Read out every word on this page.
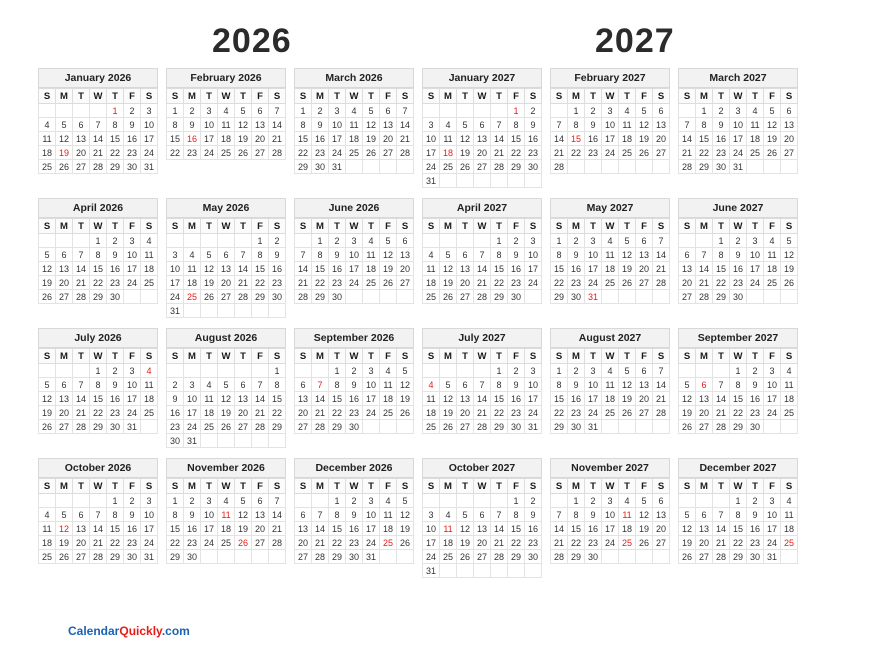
2026	2027
January 2026
S	M	T	W	T	F	S
				1	2	3
4	5	6	7	8	9	10
11	12	13	14	15	16	17
18	19	20	21	22	23	24
25	26	27	28	29	30	31
February 2026
S	M	T	W	T	F	S
1	2	3	4	5	6	7
8	9	10	11	12	13	14
15	16	17	18	19	20	21
22	23	24	25	26	27	28
March 2026
S	M	T	W	T	F	S
1	2	3	4	5	6	7
8	9	10	11	12	13	14
15	16	17	18	19	20	21
22	23	24	25	26	27	28
29	30	31				
January 2027
S	M	T	W	T	F	S
					1	2
3	4	5	6	7	8	9
10	11	12	13	14	15	16
17	18	19	20	21	22	23
24	25	26	27	28	29	30
31						
February 2027
S	M	T	W	T	F	S
	1	2	3	4	5	6
7	8	9	10	11	12	13
14	15	16	17	18	19	20
21	22	23	24	25	26	27
28						
March 2027
S	M	T	W	T	F	S
	1	2	3	4	5	6
7	8	9	10	11	12	13
14	15	16	17	18	19	20
21	22	23	24	25	26	27
28	29	30	31			
April 2026
S	M	T	W	T	F	S
			1	2	3	4
5	6	7	8	9	10	11
12	13	14	15	16	17	18
19	20	21	22	23	24	25
26	27	28	29	30		
May 2026
S	M	T	W	T	F	S
					1	2
3	4	5	6	7	8	9
10	11	12	13	14	15	16
17	18	19	20	21	22	23
24	25	26	27	28	29	30
31						
June 2026
S	M	T	W	T	F	S
	1	2	3	4	5	6
7	8	9	10	11	12	13
14	15	16	17	18	19	20
21	22	23	24	25	26	27
28	29	30				
April 2027
S	M	T	W	T	F	S
				1	2	3
4	5	6	7	8	9	10
11	12	13	14	15	16	17
18	19	20	21	22	23	24
25	26	27	28	29	30	
May 2027
S	M	T	W	T	F	S
1	2	3	4	5	6	7
8	9	10	11	12	13	14
15	16	17	18	19	20	21
22	23	24	25	26	27	28
29	30	31				
June 2027
S	M	T	W	T	F	S
		1	2	3	4	5
6	7	8	9	10	11	12
13	14	15	16	17	18	19
20	21	22	23	24	25	26
27	28	29	30			
July 2026
S	M	T	W	T	F	S
			1	2	3	4
5	6	7	8	9	10	11
12	13	14	15	16	17	18
19	20	21	22	23	24	25
26	27	28	29	30	31	
August 2026
S	M	T	W	T	F	S
						1
2	3	4	5	6	7	8
9	10	11	12	13	14	15
16	17	18	19	20	21	22
23	24	25	26	27	28	29
30	31					
September 2026
S	M	T	W	T	F	S
		1	2	3	4	5
6	7	8	9	10	11	12
13	14	15	16	17	18	19
20	21	22	23	24	25	26
27	28	29	30			
July 2027
S	M	T	W	T	F	S
				1	2	3
4	5	6	7	8	9	10
11	12	13	14	15	16	17
18	19	20	21	22	23	24
25	26	27	28	29	30	31
August 2027
S	M	T	W	T	F	S
1	2	3	4	5	6	7
8	9	10	11	12	13	14
15	16	17	18	19	20	21
22	23	24	25	26	27	28
29	30	31				
September 2027
S	M	T	W	T	F	S
			1	2	3	4
5	6	7	8	9	10	11
12	13	14	15	16	17	18
19	20	21	22	23	24	25
26	27	28	29	30		
October 2026
S	M	T	W	T	F	S
				1	2	3
4	5	6	7	8	9	10
11	12	13	14	15	16	17
18	19	20	21	22	23	24
25	26	27	28	29	30	31
November 2026
S	M	T	W	T	F	S
1	2	3	4	5	6	7
8	9	10	11	12	13	14
15	16	17	18	19	20	21
22	23	24	25	26	27	28
29	30					
December 2026
S	M	T	W	T	F	S
		1	2	3	4	5
6	7	8	9	10	11	12
13	14	15	16	17	18	19
20	21	22	23	24	25	26
27	28	29	30	31		
October 2027
S	M	T	W	T	F	S
					1	2
3	4	5	6	7	8	9
10	11	12	13	14	15	16
17	18	19	20	21	22	23
24	25	26	27	28	29	30
31						
November 2027
S	M	T	W	T	F	S
	1	2	3	4	5	6
7	8	9	10	11	12	13
14	15	16	17	18	19	20
21	22	23	24	25	26	27
28	29	30				
December 2027
S	M	T	W	T	F	S
			1	2	3	4
5	6	7	8	9	10	11
12	13	14	15	16	17	18
19	20	21	22	23	24	25
26	27	28	29	30	31	
CalendarQuickly.com
